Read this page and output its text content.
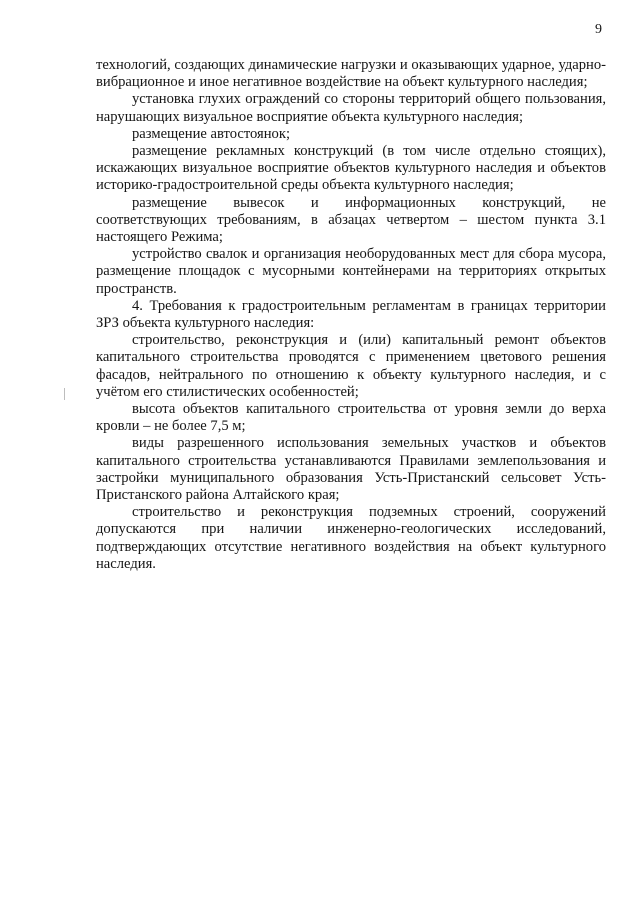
9

технологий, создающих динамические нагрузки и оказывающих ударное, ударно-вибрационное и иное негативное воздействие на объект культурного наследия;

установка глухих ограждений со стороны территорий общего пользования, нарушающих визуальное восприятие объекта культурного наследия;

размещение автостоянок;

размещение рекламных конструкций (в том числе отдельно стоящих), искажающих визуальное восприятие объектов культурного наследия и объектов историко-градостроительной среды объекта культурного наследия;

размещение вывесок и информационных конструкций, не соответствующих требованиям, в абзацах четвертом – шестом пункта 3.1 настоящего Режима;

устройство свалок и организация необорудованных мест для сбора мусора, размещение площадок с мусорными контейнерами на территориях открытых пространств.

4. Требования к градостроительным регламентам в границах территории ЗРЗ объекта культурного наследия:

строительство, реконструкция и (или) капитальный ремонт объектов капитального строительства проводятся с применением цветового решения фасадов, нейтрального по отношению к объекту культурного наследия, и с учётом его стилистических особенностей;

высота объектов капитального строительства от уровня земли до верха кровли – не более 7,5 м;

виды разрешенного использования земельных участков и объектов капитального строительства устанавливаются Правилами землепользования и застройки муниципального образования Усть-Пристанский сельсовет Усть-Пристанского района Алтайского края;

строительство и реконструкция подземных строений, сооружений допускаются при наличии инженерно-геологических исследований, подтверждающих отсутствие негативного воздействия на объект культурного наследия.
